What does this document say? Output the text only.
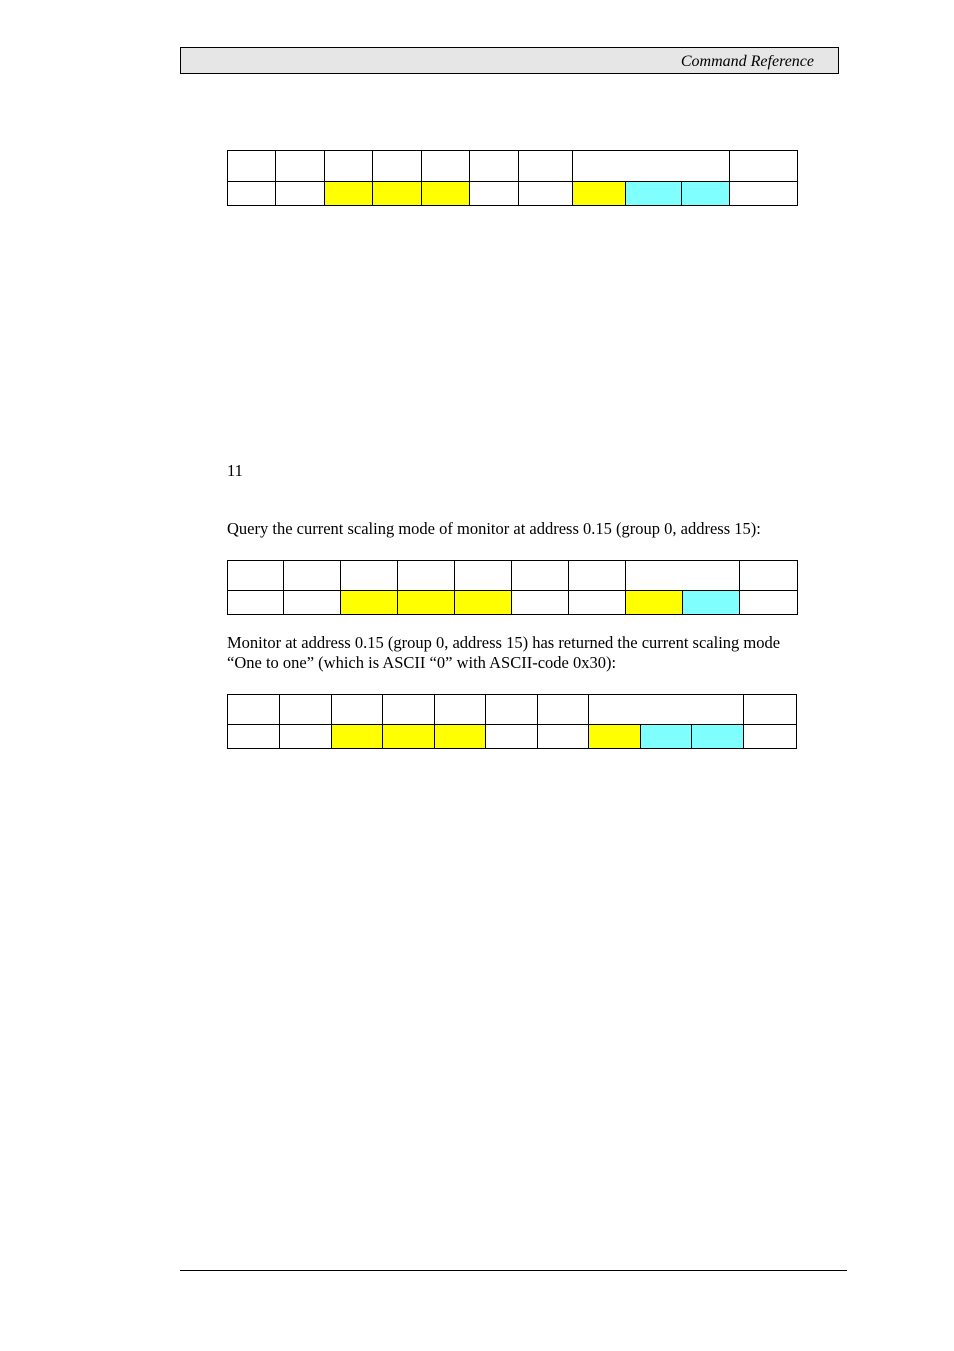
Command Reference

11
Query the current scaling mode of monitor at address 0.15 (group 0, address 15):

Monitor at address 0.15 (group 0, address 15) has returned the current scaling mode
“One to one” (which is ASCII “0” with ASCII-code 0x30):
